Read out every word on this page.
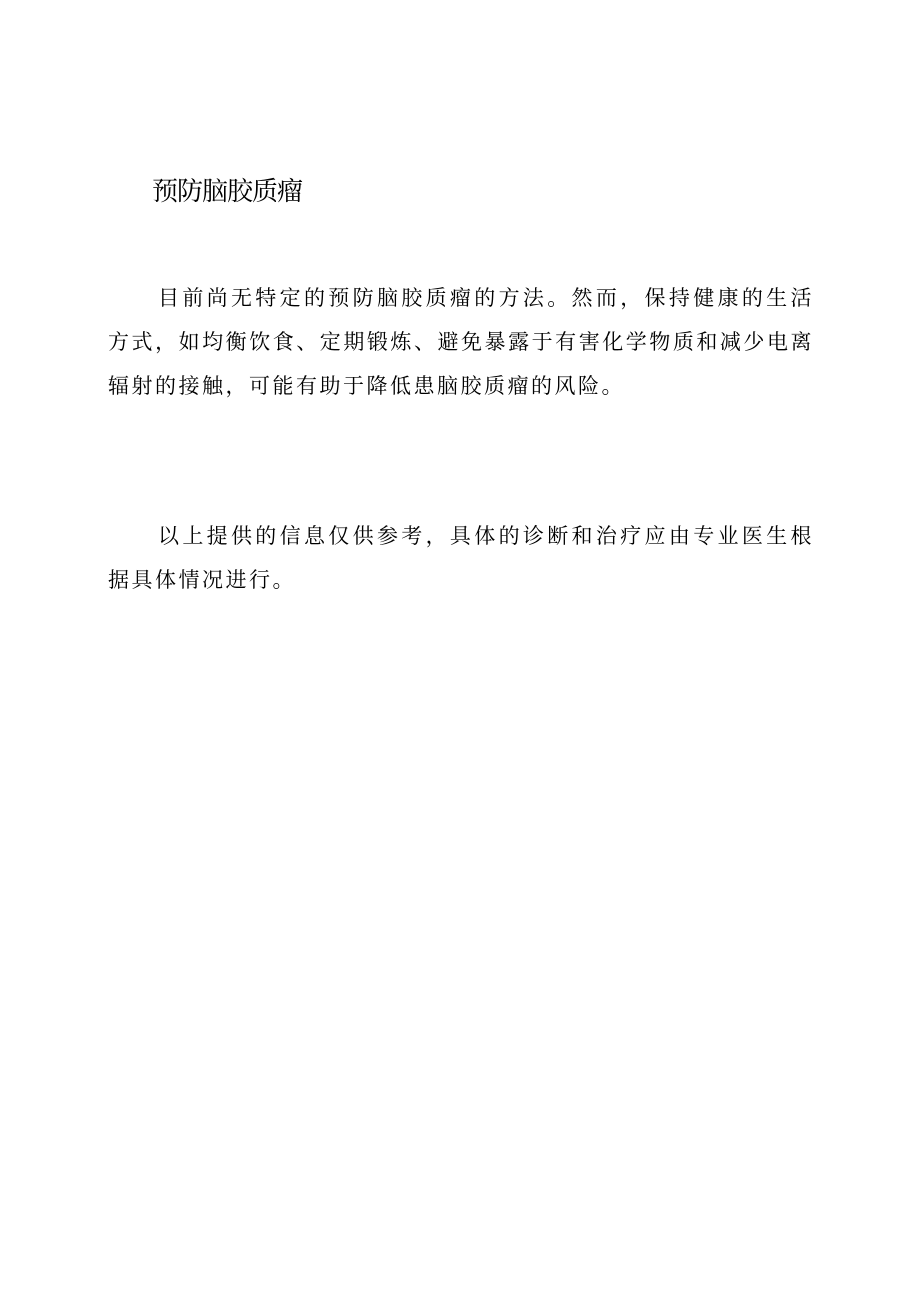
预防脑胶质瘤

目前尚无特定的预防脑胶质瘤的方法。然而，保持健康的生活方式，如均衡饮食、定期锻炼、避免暴露于有害化学物质和减少电离辐射的接触，可能有助于降低患脑胶质瘤的风险。

以上提供的信息仅供参考，具体的诊断和治疗应由专业医生根据具体情况进行。
